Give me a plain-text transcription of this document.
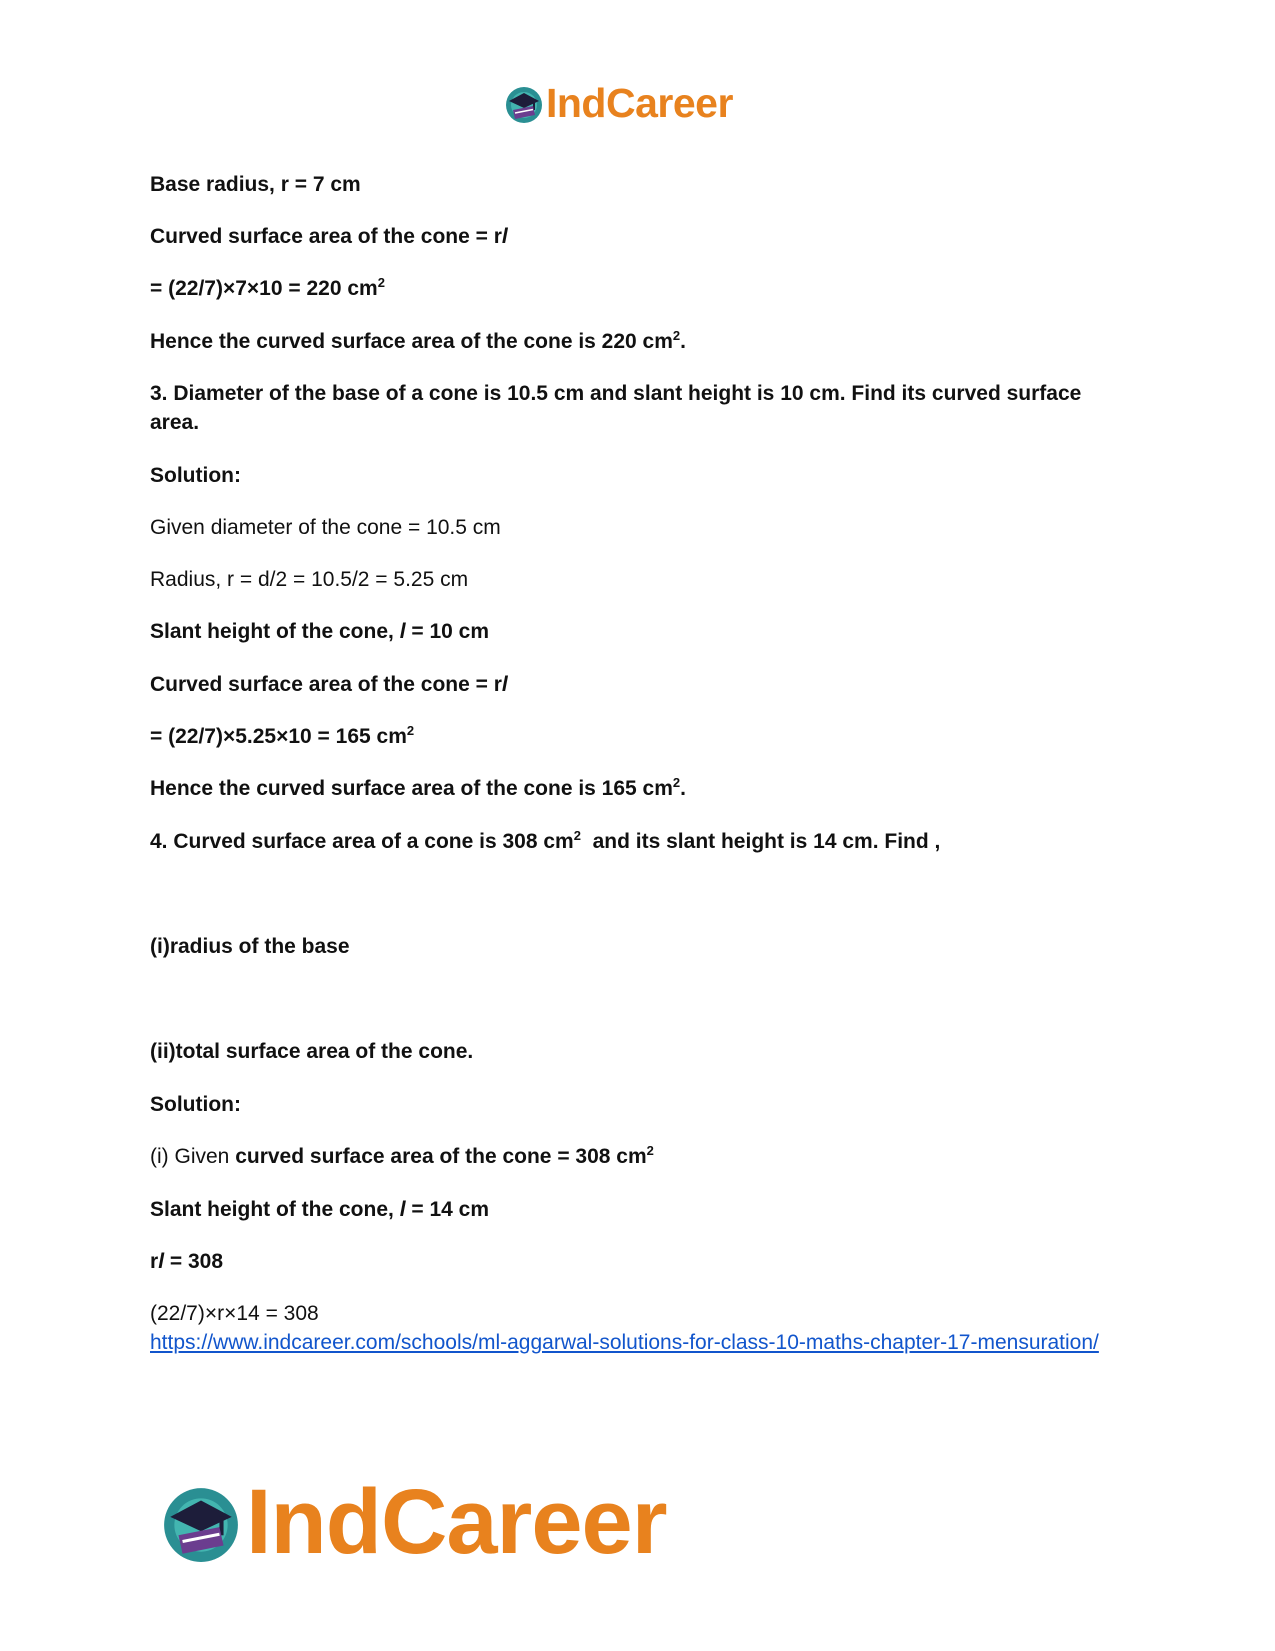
IndCareer

Base radius, r = 7 cm

Curved surface area of the cone = rl

= (22/7)×7×10 = 220 $cm^2$

Hence the curved surface area of the cone is 220 $cm^2$.

3. Diameter of the base of a cone is 10.5 cm and slant height is 10 cm. Find its curved surface area.

Solution:

Given diameter of the cone = 10.5 cm

Radius, r = d/2 = 10.5/2 = 5.25 cm

Slant height of the cone, l = 10 cm

Curved surface area of the cone = rl

= (22/7)×5.25×10 = 165 $cm^2$

Hence the curved surface area of the cone is 165 $cm^2$.

4. Curved surface area of a cone is 308 $cm^2$  and its slant height is 14 cm. Find ,

(i)radius of the base

(ii)total surface area of the cone.

Solution:

(i) Given curved surface area of the cone = 308 $cm^2$

Slant height of the cone, l = 14 cm

rl = 308

(22/7)×r×14 = 308

https://www.indcareer.com/schools/ml-aggarwal-solutions-for-class-10-maths-chapter-17-mensuration/

IndCareer
